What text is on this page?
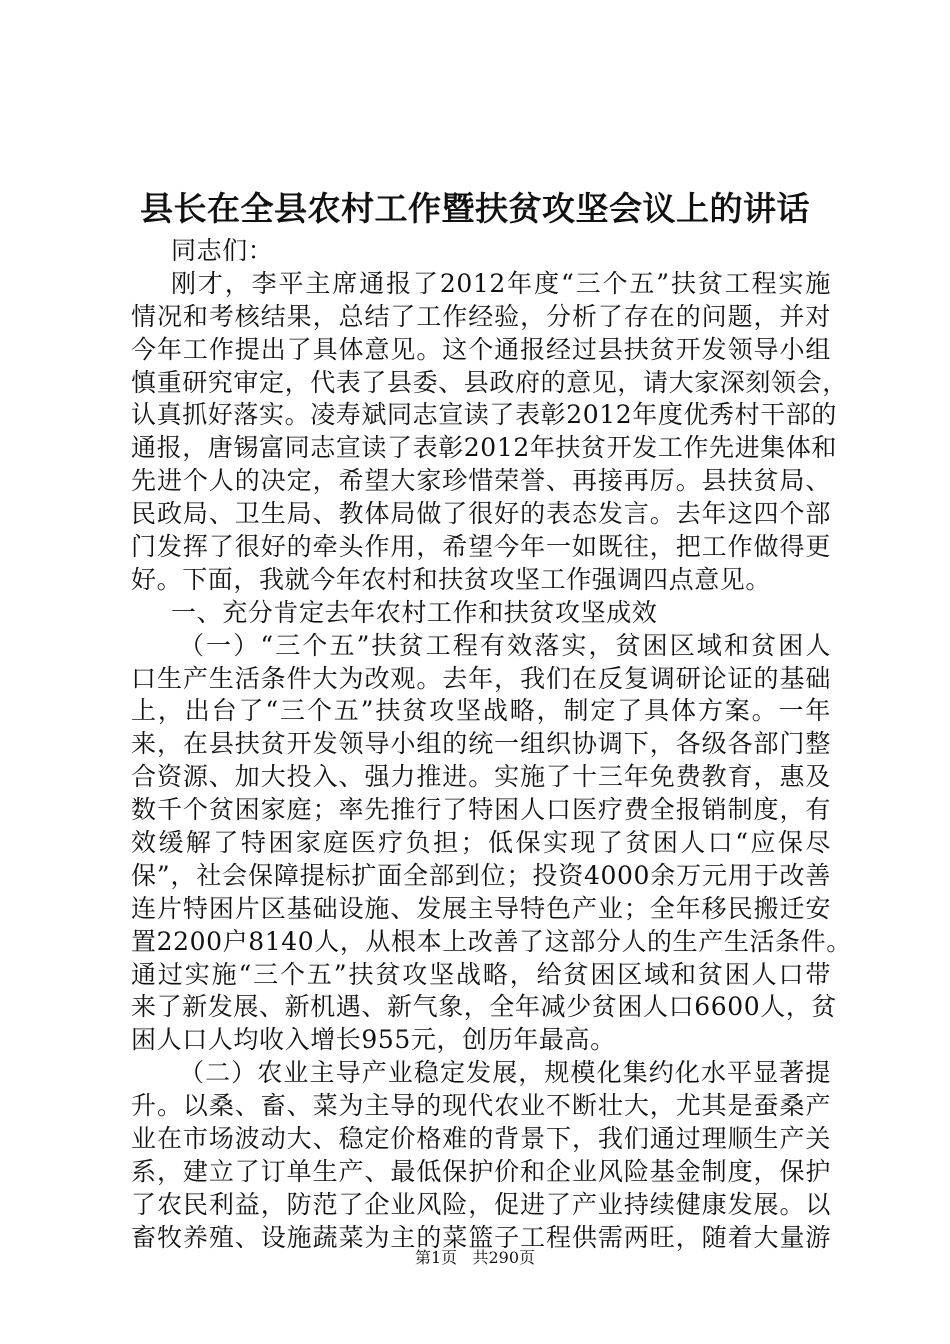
县长在全县农村工作暨扶贫攻坚会议上的讲话
同志们：
刚才，李平主席通报了2012年度“三个五”扶贫工程实施
情况和考核结果，总结了工作经验，分析了存在的问题，并对
今年工作提出了具体意见。这个通报经过县扶贫开发领导小组
慎重研究审定，代表了县委、县政府的意见，请大家深刻领会，
认真抓好落实。凌寿斌同志宣读了表彰2012年度优秀村干部的
通报，唐锡富同志宣读了表彰2012年扶贫开发工作先进集体和
先进个人的决定，希望大家珍惜荣誉、再接再厉。县扶贫局、
民政局、卫生局、教体局做了很好的表态发言。去年这四个部
门发挥了很好的牵头作用，希望今年一如既往，把工作做得更
好。下面，我就今年农村和扶贫攻坚工作强调四点意见。
一、充分肯定去年农村工作和扶贫攻坚成效
（一）“三个五”扶贫工程有效落实，贫困区域和贫困人
口生产生活条件大为改观。去年，我们在反复调研论证的基础
上，出台了“三个五”扶贫攻坚战略，制定了具体方案。一年
来，在县扶贫开发领导小组的统一组织协调下，各级各部门整
合资源、加大投入、强力推进。实施了十三年免费教育，惠及
数千个贫困家庭；率先推行了特困人口医疗费全报销制度，有
效缓解了特困家庭医疗负担；低保实现了贫困人口“应保尽
保”，社会保障提标扩面全部到位；投资4000余万元用于改善
连片特困片区基础设施、发展主导特色产业；全年移民搬迁安
置2200户8140人，从根本上改善了这部分人的生产生活条件。
通过实施“三个五”扶贫攻坚战略，给贫困区域和贫困人口带
来了新发展、新机遇、新气象，全年减少贫困人口6600人，贫
困人口人均收入增长955元，创历年最高。
（二）农业主导产业稳定发展，规模化集约化水平显著提
升。以桑、畜、菜为主导的现代农业不断壮大，尤其是蚕桑产
业在市场波动大、稳定价格难的背景下，我们通过理顺生产关
系，建立了订单生产、最低保护价和企业风险基金制度，保护
了农民利益，防范了企业风险，促进了产业持续健康发展。以
畜牧养殖、设施蔬菜为主的菜篮子工程供需两旺，随着大量游
第1页 共290页
